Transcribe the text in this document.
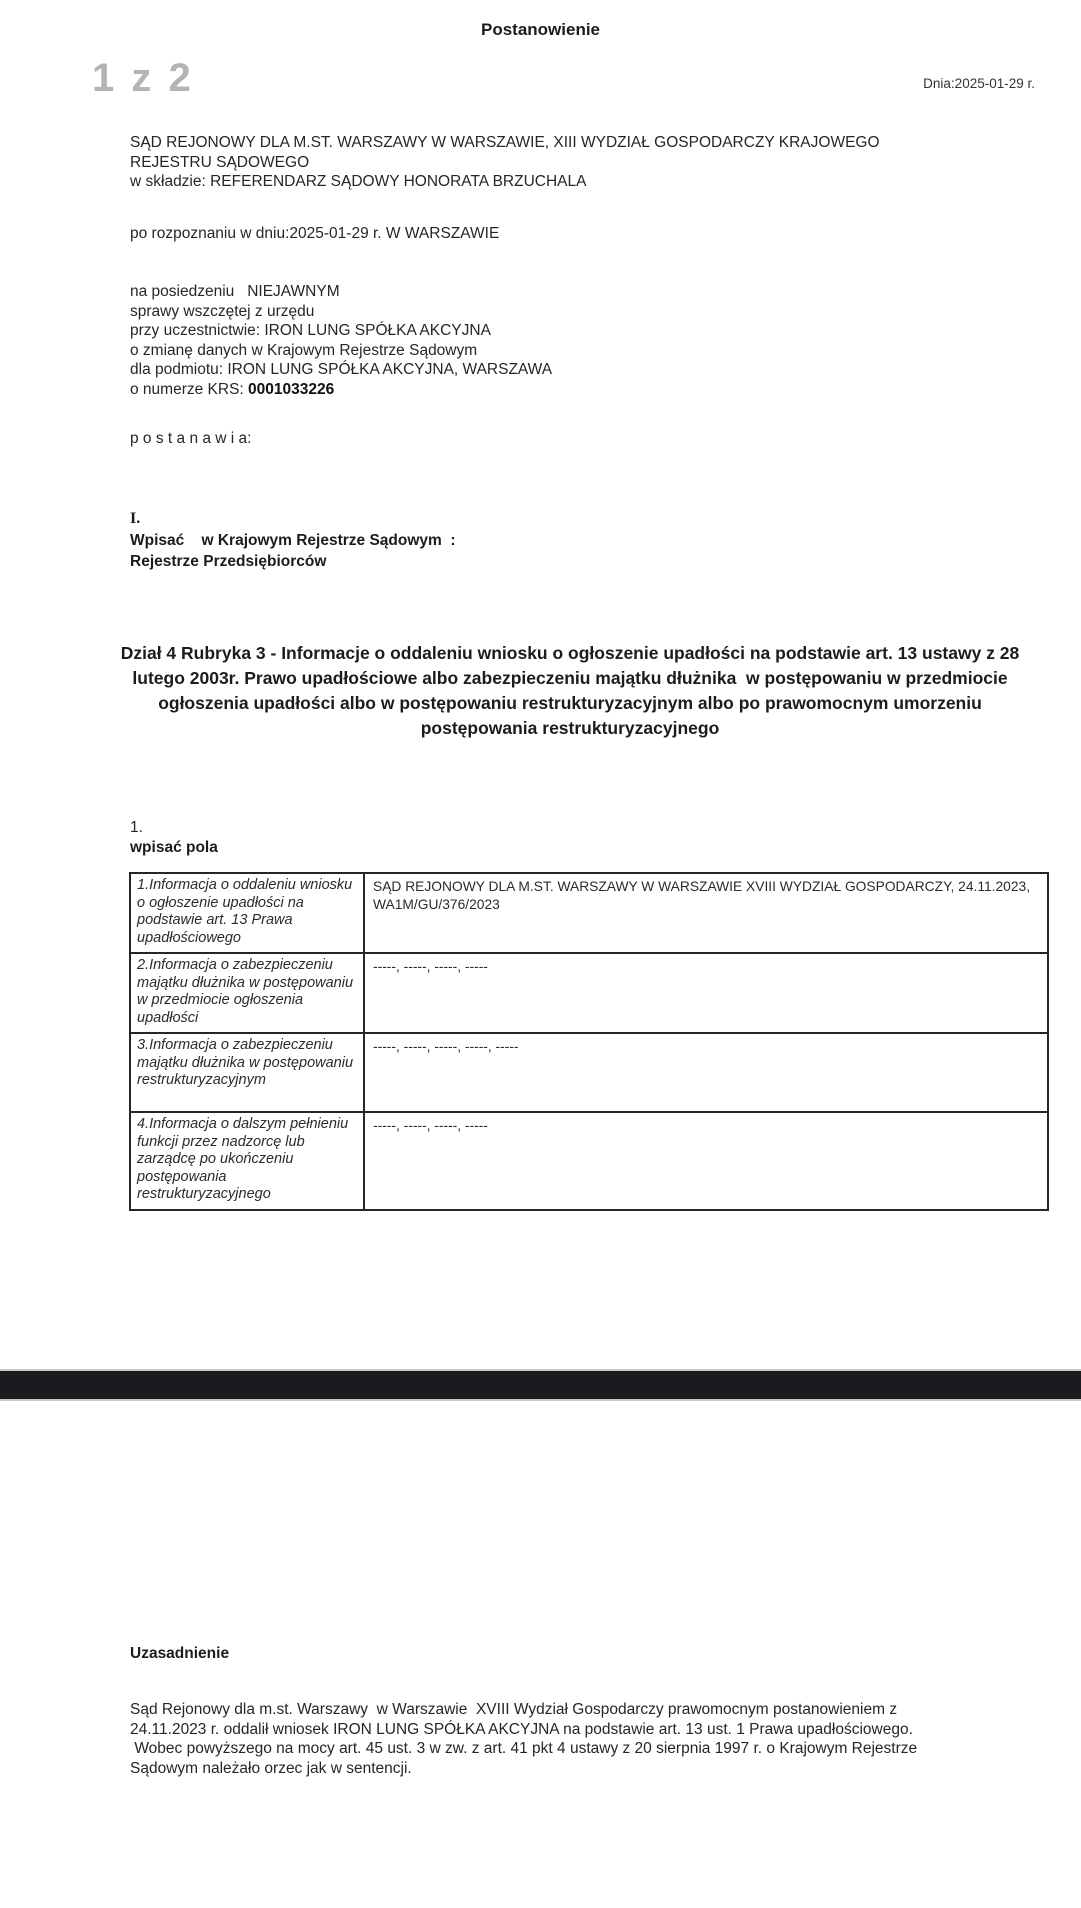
Postanowienie
1 z 2	Dnia:2025-01-29 r.
SĄD REJONOWY DLA M.ST. WARSZAWY W WARSZAWIE, XIII WYDZIAŁ GOSPODARCZY KRAJOWEGO REJESTRU SĄDOWEGO
w składzie: REFERENDARZ SĄDOWY HONORATA BRZUCHALA
po rozpoznaniu w dniu:2025-01-29 r. W WARSZAWIE
na posiedzeniu   NIEJAWNYM
sprawy wszczętej z urzędu
przy uczestnictwie: IRON LUNG SPÓŁKA AKCYJNA
o zmianę danych w Krajowym Rejestrze Sądowym
dla podmiotu: IRON LUNG SPÓŁKA AKCYJNA, WARSZAWA
o numerze KRS: 0001033226
p o s t a n a w i a:
I.
Wpisać    w Krajowym Rejestrze Sądowym  :
Rejestrze Przedsiębiorców
Dział 4 Rubryka 3 - Informacje o oddaleniu wniosku o ogłoszenie upadłości na podstawie art. 13 ustawy z 28 lutego 2003r. Prawo upadłościowe albo zabezpieczeniu majątku dłużnika  w postępowaniu w przedmiocie ogłoszenia upadłości albo w postępowaniu restrukturyzacyjnym albo po prawomocnym umorzeniu postępowania restrukturyzacyjnego
1.
wpisać pola
1.Informacja o oddaleniu wniosku o ogłoszenie upadłości na podstawie art. 13 Prawa upadłościowego
SĄD REJONOWY DLA M.ST. WARSZAWY W WARSZAWIE XVIII WYDZIAŁ GOSPODARCZY, 24.11.2023, WA1M/GU/376/2023
2.Informacja o zabezpieczeniu majątku dłużnika w postępowaniu w przedmiocie ogłoszenia upadłości
-----, -----, -----, -----
3.Informacja o zabezpieczeniu majątku dłużnika w postępowaniu restrukturyzacyjnym
-----, -----, -----, -----, -----
4.Informacja o dalszym pełnieniu funkcji przez nadzorcę lub zarządcę po ukończeniu postępowania restrukturyzacyjnego
-----, -----, -----, -----
Uzasadnienie
Sąd Rejonowy dla m.st. Warszawy  w Warszawie  XVIII Wydział Gospodarczy prawomocnym postanowieniem z 24.11.2023 r. oddalił wniosek IRON LUNG SPÓŁKA AKCYJNA na podstawie art. 13 ust. 1 Prawa upadłościowego.
Wobec powyższego na mocy art. 45 ust. 3 w zw. z art. 41 pkt 4 ustawy z 20 sierpnia 1997 r. o Krajowym Rejestrze Sądowym należało orzec jak w sentencji.
